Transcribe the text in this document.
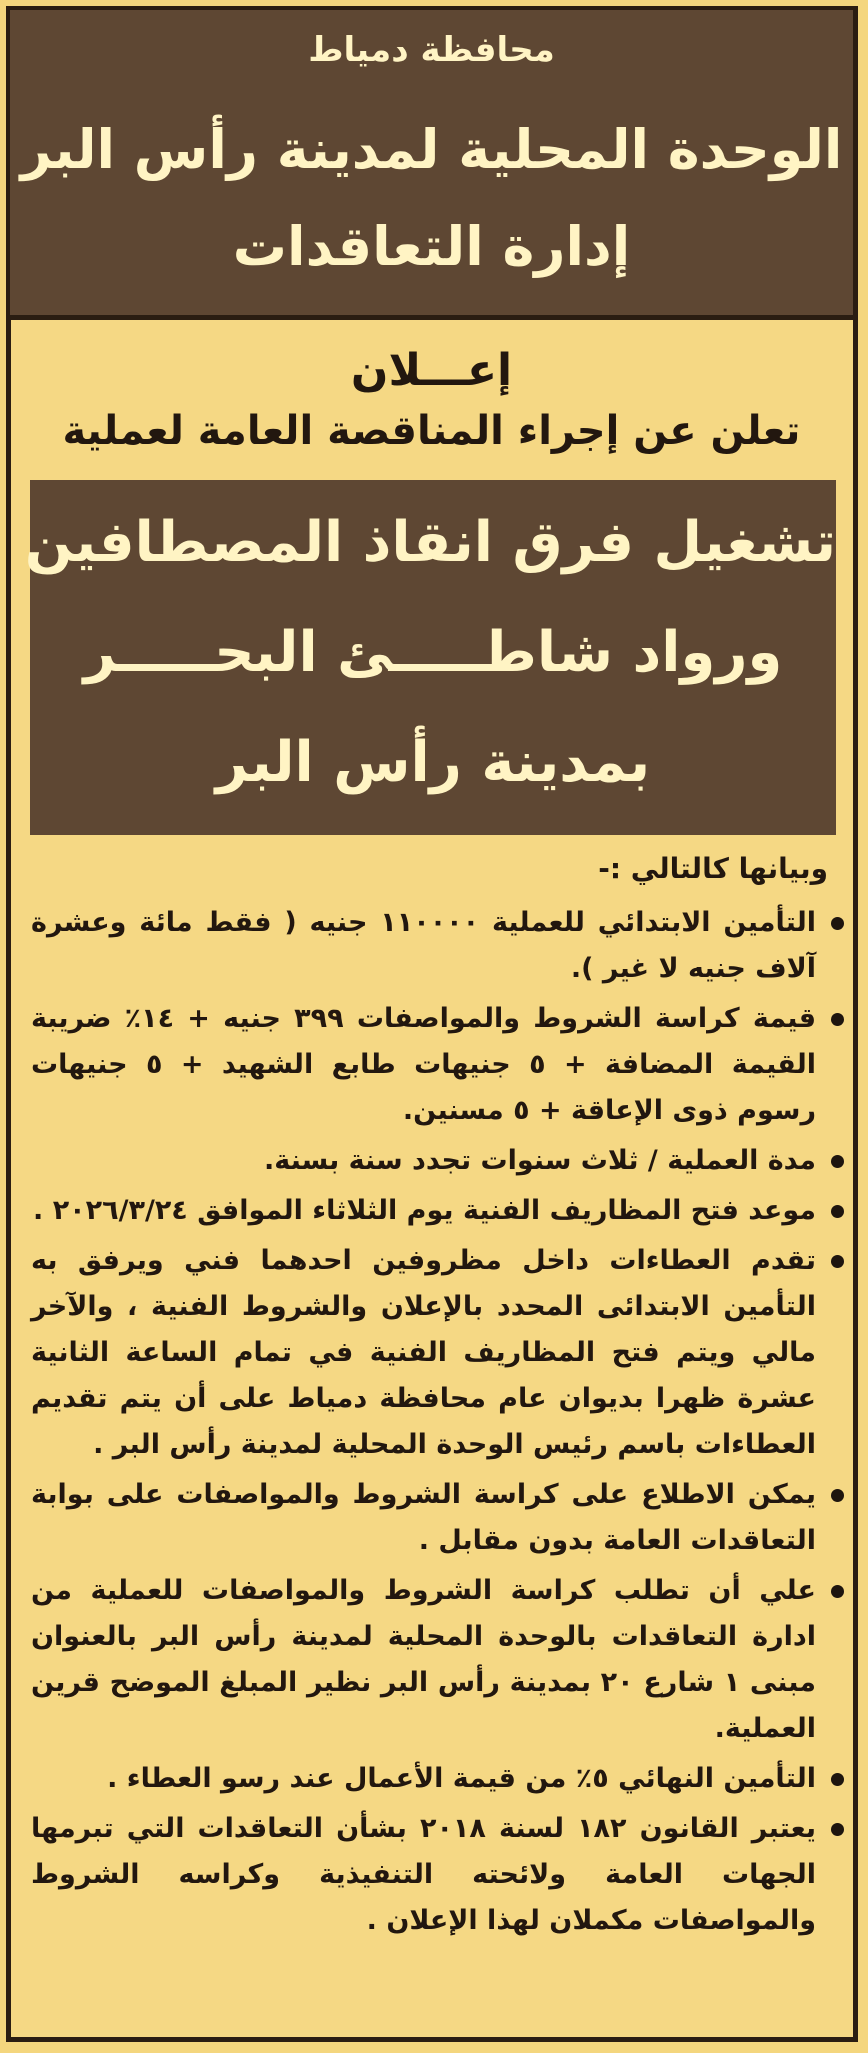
محافظة دمياط
الوحدة المحلية لمدينة رأس البر
إدارة التعاقدات
إعـــلان
تعلن عن إجراء المناقصة العامة لعملية
تشغيل فرق انقاذ المصطافين
ورواد شاطـــــئ البحـــــر
بمدينة رأس البر
وبيانها كالتالي :-
التأمين الابتدائي للعملية ١١٠٠٠٠ جنيه ( فقط مائة وعشرة آلاف جنيه لا غير ).
قيمة كراسة الشروط والمواصفات ٣٩٩ جنيه + ١٤٪ ضريبة القيمة المضافة + ٥ جنيهات طابع الشهيد + ٥ جنيهات رسوم ذوى الإعاقة + ٥ مسنين.
مدة العملية / ثلاث سنوات تجدد سنة بسنة.
موعد فتح المظاريف الفنية يوم الثلاثاء الموافق ٢٠٢٦/٣/٢٤ .
تقدم العطاءات داخل مظروفين احدهما فني ويرفق به التأمين الابتدائى المحدد بالإعلان والشروط الفنية ، والآخر مالي ويتم فتح المظاريف الفنية في تمام الساعة الثانية عشرة ظهرا بديوان عام محافظة دمياط على أن يتم تقديم العطاءات باسم رئيس الوحدة المحلية لمدينة رأس البر .
يمكن الاطلاع على كراسة الشروط والمواصفات على بوابة التعاقدات العامة بدون مقابل .
علي أن تطلب كراسة الشروط والمواصفات للعملية من ادارة التعاقدات بالوحدة المحلية لمدينة رأس البر بالعنوان مبنى ١ شارع ٢٠ بمدينة رأس البر نظير المبلغ الموضح قرين العملية.
التأمين النهائي ٥٪ من قيمة الأعمال عند رسو العطاء .
يعتبر القانون ١٨٢ لسنة ٢٠١٨ بشأن التعاقدات التي تبرمها الجهات العامة ولائحته التنفيذية وكراسه الشروط والمواصفات مكملان لهذا الإعلان .
